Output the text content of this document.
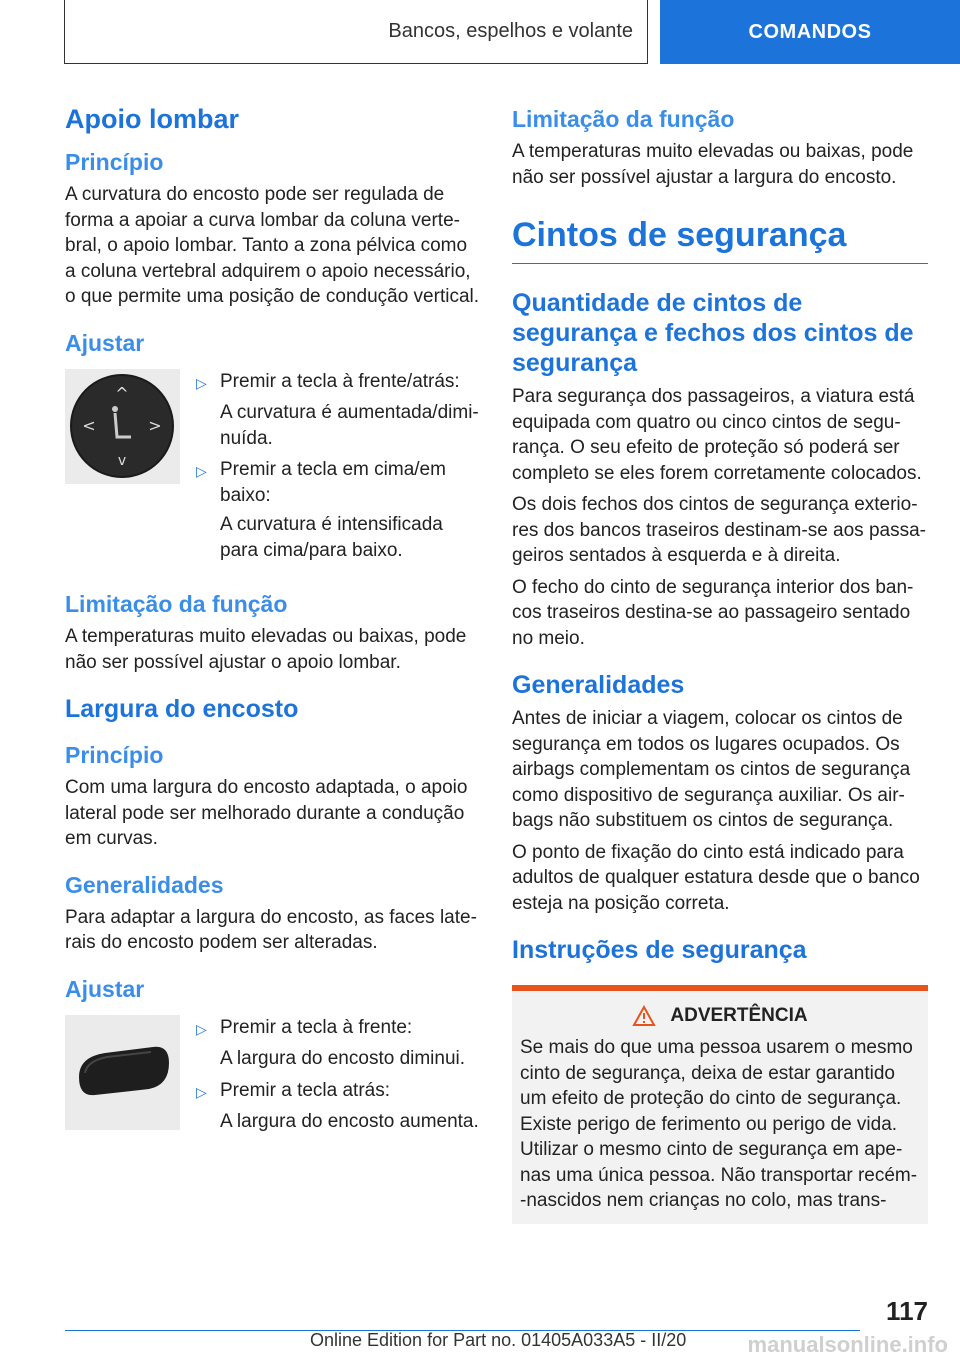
Bancos, espelhos e volante	COMANDOS
Apoio lombar
Princípio

A curvatura do encosto pode ser regulada de forma a apoiar a curva lombar da coluna verte-bral, o apoio lombar. Tanto a zona pélvica como a coluna vertebral adquirem o apoio necessário, o que permite uma posição de condução vertical.

Ajustar
^
v
<	>
▷ Premir a tecla à frente/atrás:
A curvatura é aumentada/dimi-nuída.
▷ Premir a tecla em cima/em baixo:
A curvatura é intensificada para cima/para baixo.
Limitação da função

A temperaturas muito elevadas ou baixas, pode não ser possível ajustar o apoio lombar.

Largura do encosto
Princípio

Com uma largura do encosto adaptada, o apoio lateral pode ser melhorado durante a condução em curvas.

Generalidades

Para adaptar a largura do encosto, as faces late-rais do encosto podem ser alteradas.

Ajustar
▷ Premir a tecla à frente:
A largura do encosto diminui.
▷ Premir a tecla atrás:
A largura do encosto aumenta.
Limitação da função

A temperaturas muito elevadas ou baixas, pode não ser possível ajustar a largura do encosto.

Cintos de segurança
Quantidade de cintos de segurança e fechos dos cintos de segurança

Para segurança dos passageiros, a viatura está equipada com quatro ou cinco cintos de segu-rança. O seu efeito de proteção só poderá ser completo se eles forem corretamente colocados.

Os dois fechos dos cintos de segurança exterio-res dos bancos traseiros destinam-se aos passa-geiros sentados à esquerda e à direita.

O fecho do cinto de segurança interior dos ban-cos traseiros destina-se ao passageiro sentado no meio.

Generalidades

Antes de iniciar a viagem, colocar os cintos de segurança em todos os lugares ocupados. Os airbags complementam os cintos de segurança como dispositivo de segurança auxiliar. Os air-bags não substituem os cintos de segurança.

O ponto de fixação do cinto está indicado para adultos de qualquer estatura desde que o banco esteja na posição correta.

Instruções de segurança
ADVERTÊNCIA

Se mais do que uma pessoa usarem o mesmo cinto de segurança, deixa de estar garantido um efeito de proteção do cinto de segurança. Existe perigo de ferimento ou perigo de vida. Utilizar o mesmo cinto de segurança em ape-nas uma única pessoa. Não transportar recém--nascidos nem crianças no colo, mas trans-

117
Online Edition for Part no. 01405A033A5 - II/20	manualsonline.info
